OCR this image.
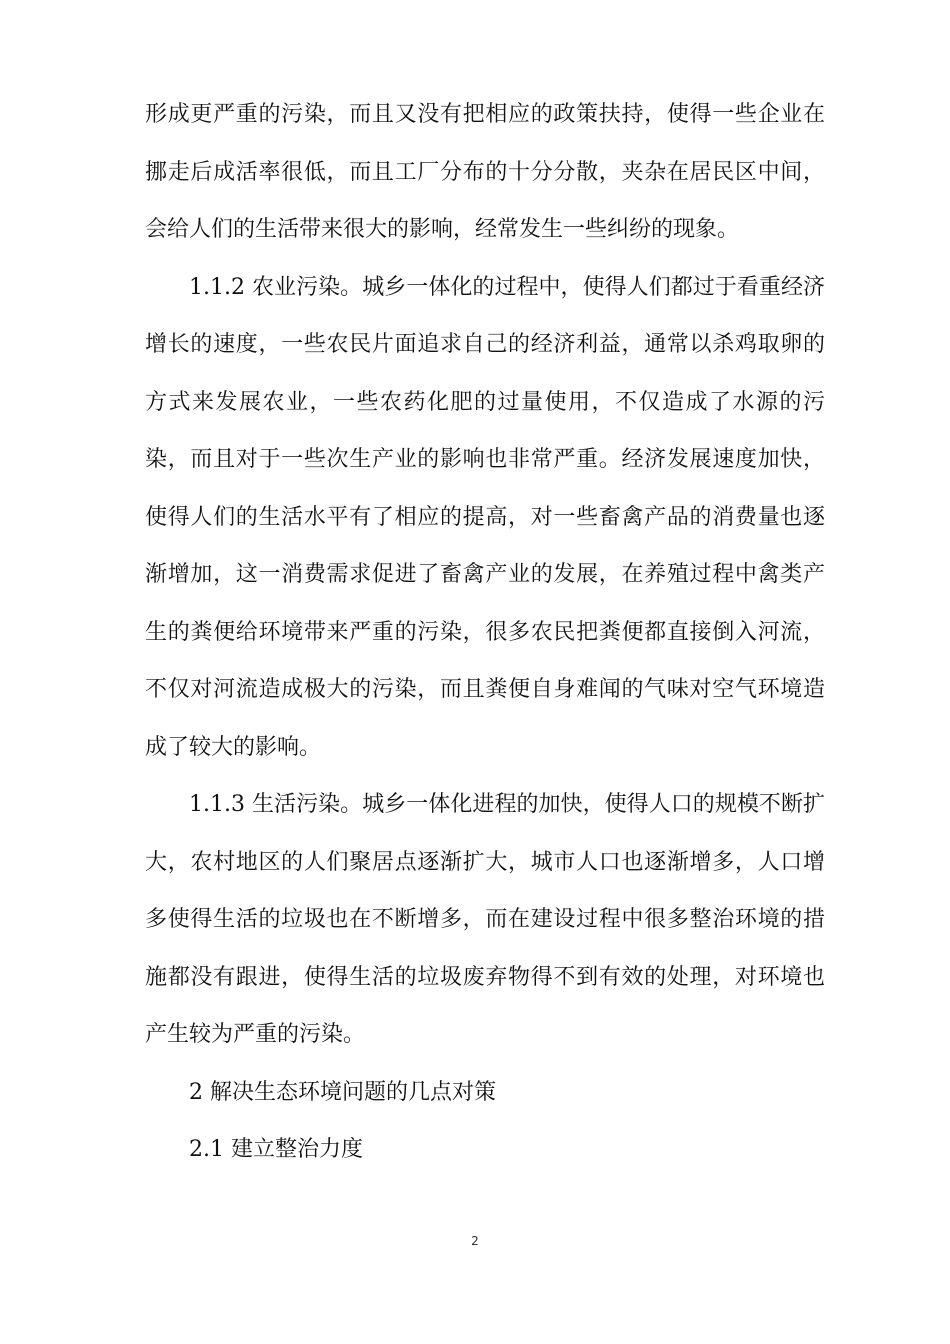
形成更严重的污染，而且又没有把相应的政策扶持，使得一些企业在挪走后成活率很低，而且工厂分布的十分分散，夹杂在居民区中间，会给人们的生活带来很大的影响，经常发生一些纠纷的现象。

1.1.2 农业污染。城乡一体化的过程中，使得人们都过于看重经济增长的速度，一些农民片面追求自己的经济利益，通常以杀鸡取卵的方式来发展农业，一些农药化肥的过量使用，不仅造成了水源的污染，而且对于一些次生产业的影响也非常严重。经济发展速度加快，使得人们的生活水平有了相应的提高，对一些畜禽产品的消费量也逐渐增加，这一消费需求促进了畜禽产业的发展，在养殖过程中禽类产生的粪便给环境带来严重的污染，很多农民把粪便都直接倒入河流，不仅对河流造成极大的污染，而且粪便自身难闻的气味对空气环境造成了较大的影响。

1.1.3 生活污染。城乡一体化进程的加快，使得人口的规模不断扩大，农村地区的人们聚居点逐渐扩大，城市人口也逐渐增多，人口增多使得生活的垃圾也在不断增多，而在建设过程中很多整治环境的措施都没有跟进，使得生活的垃圾废弃物得不到有效的处理，对环境也产生较为严重的污染。

2 解决生态环境问题的几点对策

2.1 建立整治力度

2
